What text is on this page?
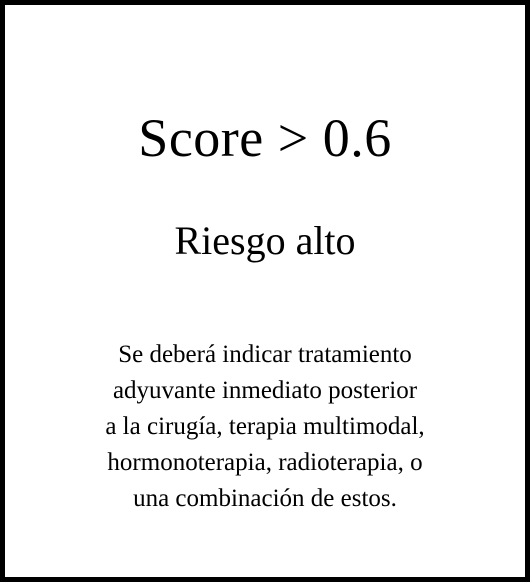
Score > 0.6
Riesgo alto
Se deberá indicar tratamiento
adyuvante inmediato posterior
a la cirugía, terapia multimodal,
hormonoterapia, radioterapia, o
una combinación de estos.
